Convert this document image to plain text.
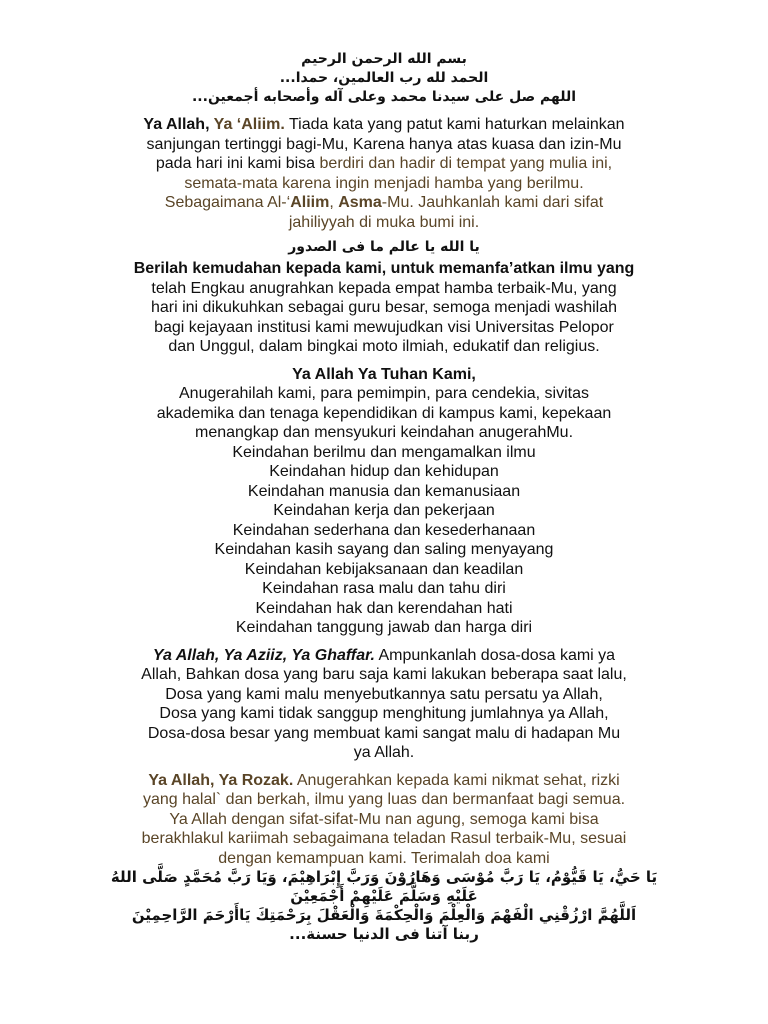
بسم الله الرحمن الرحيم

الحمد لله رب العالمين، حمدا...

اللهم صل على سيدنا محمد وعلى آله وأصحابه أجمعين...

Ya Allah, Ya ‘Aliim. Tiada kata yang patut kami haturkan melainkan

sanjungan tertinggi bagi-Mu, Karena hanya atas kuasa dan izin-Mu

pada hari ini kami bisa berdiri dan hadir di tempat yang mulia ini,

semata-mata karena ingin menjadi hamba yang berilmu.

Sebagaimana Al-‘Aliim, Asma-Mu. Jauhkanlah kami dari sifat

jahiliyyah di muka bumi ini.

يا الله يا عالم ما فى الصدور

Berilah kemudahan kepada kami, untuk memanfa’atkan ilmu yang

telah Engkau anugrahkan kepada empat hamba terbaik-Mu, yang

hari ini dikukuhkan sebagai guru besar, semoga menjadi washilah

bagi kejayaan institusi kami mewujudkan visi Universitas Pelopor

dan Unggul, dalam bingkai moto ilmiah, edukatif dan religius.

Ya Allah Ya Tuhan Kami,

Anugerahilah kami, para pemimpin, para cendekia, sivitas

akademika dan tenaga kependidikan di kampus kami, kepekaan

menangkap dan mensyukuri keindahan anugerahMu.

Keindahan berilmu dan mengamalkan ilmu

Keindahan hidup dan kehidupan

Keindahan manusia dan kemanusiaan

Keindahan kerja dan pekerjaan

Keindahan sederhana dan kesederhanaan

Keindahan kasih sayang dan saling menyayang

Keindahan kebijaksanaan dan keadilan

Keindahan rasa malu dan tahu diri

Keindahan hak dan kerendahan hati

Keindahan tanggung jawab dan harga diri

Ya Allah, Ya Aziiz, Ya Ghaffar. Ampunkanlah dosa-dosa kami ya

Allah, Bahkan dosa yang baru saja kami lakukan beberapa saat lalu,

Dosa yang kami malu menyebutkannya satu persatu ya Allah,

Dosa yang kami tidak sanggup menghitung jumlahnya ya Allah,

Dosa-dosa besar yang membuat kami sangat malu di hadapan Mu

ya Allah.

Ya Allah, Ya Rozak. Anugerahkan kepada kami nikmat sehat, rizki

yang halal` dan berkah, ilmu yang luas dan bermanfaat bagi semua.

Ya Allah dengan sifat-sifat-Mu nan agung, semoga kami bisa

berakhlakul kariimah sebagaimana teladan Rasul terbaik-Mu, sesuai

dengan kemampuan kami. Terimalah doa kami

يَا حَيُّ، يَا قَيُّوْمُ، يَا رَبَّ مُوْسَى وَهَارُوْنَ وَرَبَّ إِبْرَاهِيْمَ، وَيَا رَبَّ مُحَمَّدٍ صَلَّى اللهُ

عَلَيْهِ وَسَلَّمَ عَلَيْهِمْ أَجْمَعِيْنَ

اَللَّهُمَّ ارْزُقْنِي الْفَهْمَ وَالْعِلْمَ وَالْحِكْمَةَ وَالْعَقْلَ بِرَحْمَتِكَ يَاأَرْحَمَ الرَّاحِمِيْنَ

ربنا آتنا فى الدنيا حسنة...
